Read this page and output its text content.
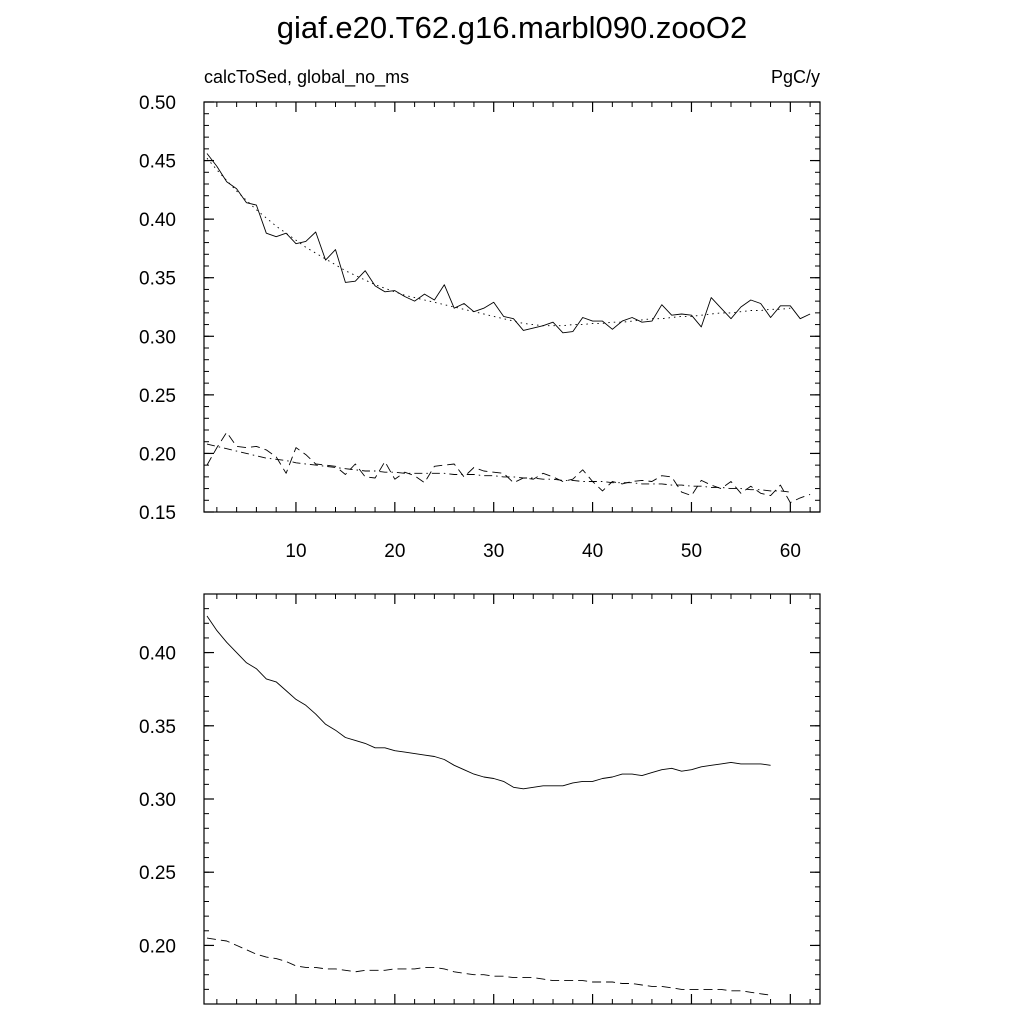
giaf.e20.T62.g16.marbl090.zooO2
calcToSed, global_no_ms	PgC/y
10	20	30	40	50	60
0.15
0.20
0.25
0.30
0.35
0.40
0.45
0.50
0.20
0.25
0.30
0.35
0.40
